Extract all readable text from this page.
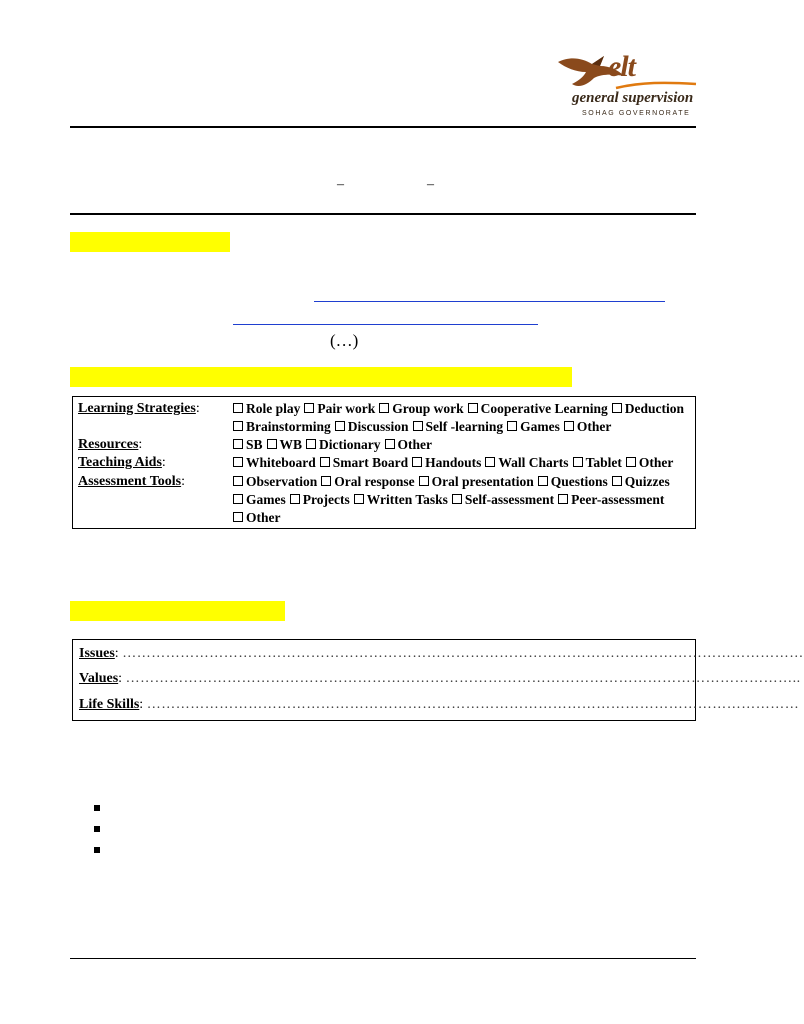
elt
general supervision
SOHAG GOVERNORATE
–	–
(…)
Learning Strategies:
Resources:
Teaching Aids:
Assessment Tools:
Role play Pair work Group work Cooperative Learning Deduction
Brainstorming Discussion Self -learning Games Other
SB WB Dictionary Other
Whiteboard Smart Board Handouts Wall Charts Tablet Other
Observation Oral response Oral presentation Questions Quizzes
Games Projects Written Tasks Self-assessment Peer-assessment
Other
Issues: ……………………………………………………………………………………………………………………………
Values: …………………………………………………………………………………………………………………………..
Life Skills: ………………………………………………………………………………………………………………………
